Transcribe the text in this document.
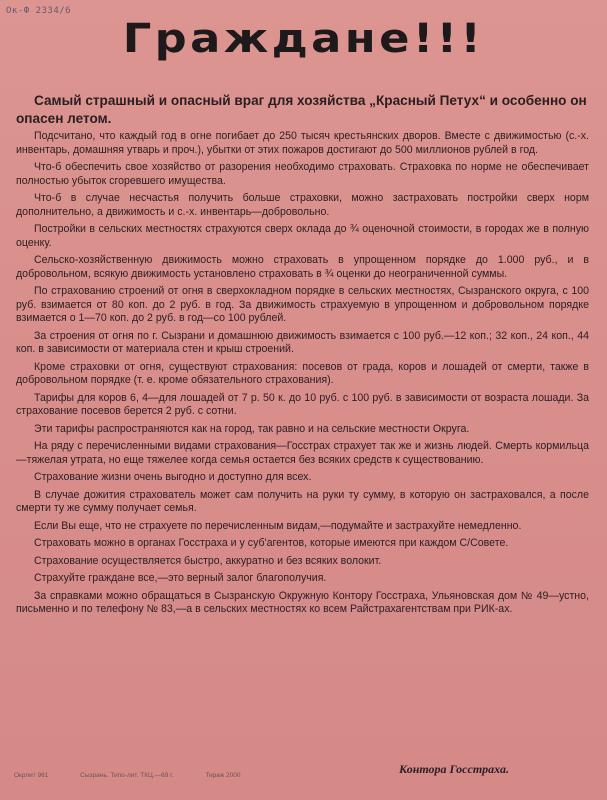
Ок-Ф 2334/6
Граждане!!!

Самый страшный и опасный враг для хозяйства „Красный Петух“ и особенно он опасен летом.

Подсчитано, что каждый год в огне погибает до 250 тысяч крестьянских дворов. Вместе с движимостью (с.-х. инвентарь, домашняя утварь и проч.), убытки от этих пожаров достигают до 500 миллионов рублей в год.

Что-б обеспечить свое хозяйство от разорения необходимо страховать. Страховка по норме не обеспечивает полностью убыток сгоревшего имущества.

Что-б в случае несчастья получить больше страховки, можно застраховать постройки сверх норм дополнительно, а движимость и с.-х. инвентарь—добровольно.

Постройки в сельских местностях страхуются сверх оклада до ¾ оценочной стоимости, в городах же в полную оценку.

Сельско-хозяйственную движимость можно страховать в упрощенном порядке до 1.000 руб., и в добровольном, всякую движимость установлено страховать в ¾ оценки до неограниченной суммы.

По страхованию строений от огня в сверхокладном порядке в сельских местностях, Сызранского округа, с 100 руб. взимается от 80 коп. до 2 руб. в год. За движимость страхуемую в упрощенном и добровольном порядке взимается о 1—70 коп. до 2 руб. в год—со 100 рублей.

За строения от огня по г. Сызрани и домашнюю движимость взимается с 100 руб.—12 коп.; 32 коп., 24 коп., 44 коп. в зависимости от материала стен и крыш строений.

Кроме страховки от огня, существуют страхования: посевов от града, коров и лошадей от смерти, также в добровольном порядке (т. е. кроме обязательного страхования).

Тарифы для коров 6, 4—для лошадей от 7 р. 50 к. до 10 руб. с 100 руб. в зависимости от возраста лошади. За страхование посевов берется 2 руб. с сотни.

Эти тарифы распространяются как на город, так равно и на сельские местности Округа.

На ряду с перечисленными видами страхования—Госстрах страхует так же и жизнь людей. Смерть кормильца—тяжелая утрата, но еще тяжелее когда семья остается без всяких средств к существованию.

Страхование жизни очень выгодно и доступно для всех.

В случае дожития страхователь может сам получить на руки ту сумму, в которую он застраховался, а после смерти ту же сумму получает семья.

Если Вы еще, что не страхуете по перечисленным видам,—подумайте и застрахуйте немедленно.

Страховать можно в органах Госстраха и у суб'агентов, которые имеются при каждом С/Совете.

Страхование осуществляется быстро, аккуратно и без всяких волокит.

Страхуйте граждане все,—это верный залог благополучия.

За справками можно обращаться в Сызранскую Окружную Контору Госстраха, Ульяновская дом № 49—устно, письменно и по телефону № 83,—а в сельских местностях ко всем Райстрахагентствам при РИК-ах.

Контора Госстраха.
Окрлит 961	Сызрань. Типо-лит. ТКЦ.—69 г.	Тираж 2000
